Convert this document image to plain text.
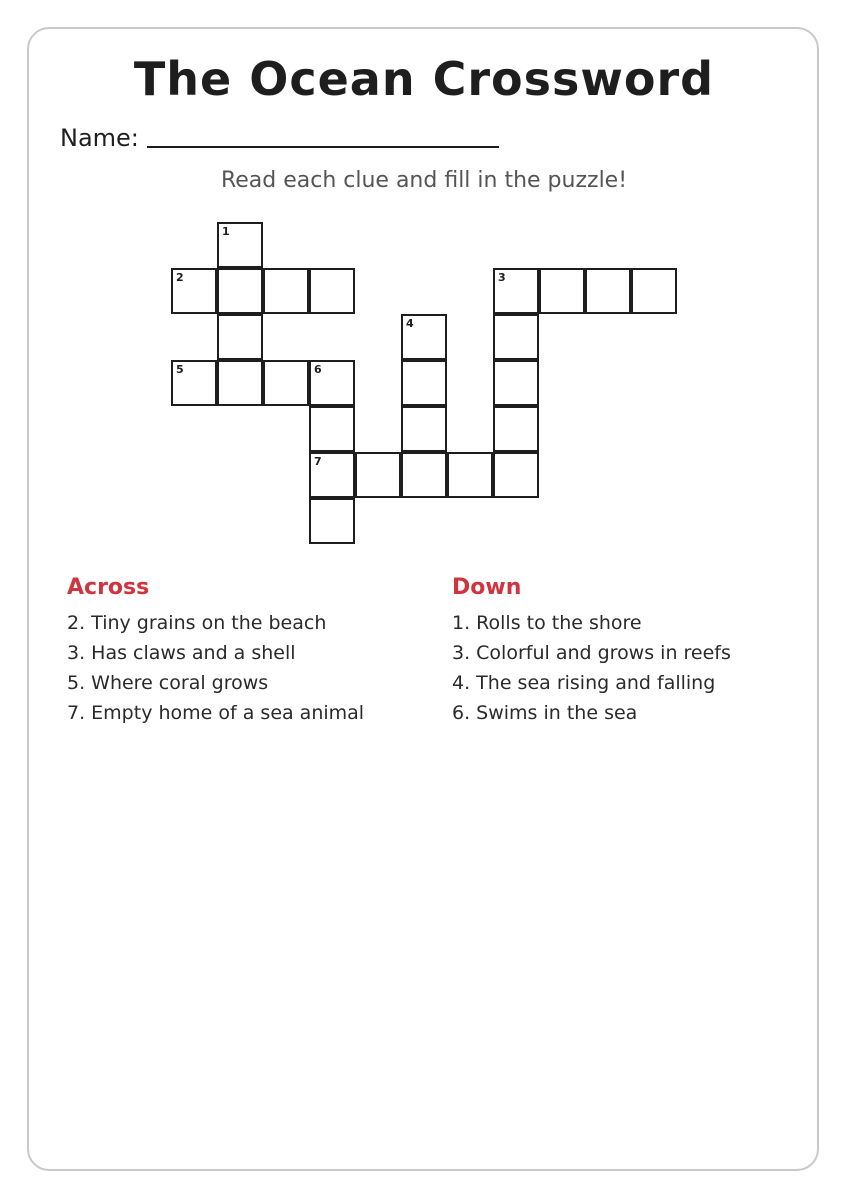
The Ocean Crossword
Name:
Read each clue and fill in the puzzle!
1
2	3
4
5	6
7
Across
2. Tiny grains on the beach
3. Has claws and a shell
5. Where coral grows
7. Empty home of a sea animal
Down
1. Rolls to the shore
3. Colorful and grows in reefs
4. The sea rising and falling
6. Swims in the sea
